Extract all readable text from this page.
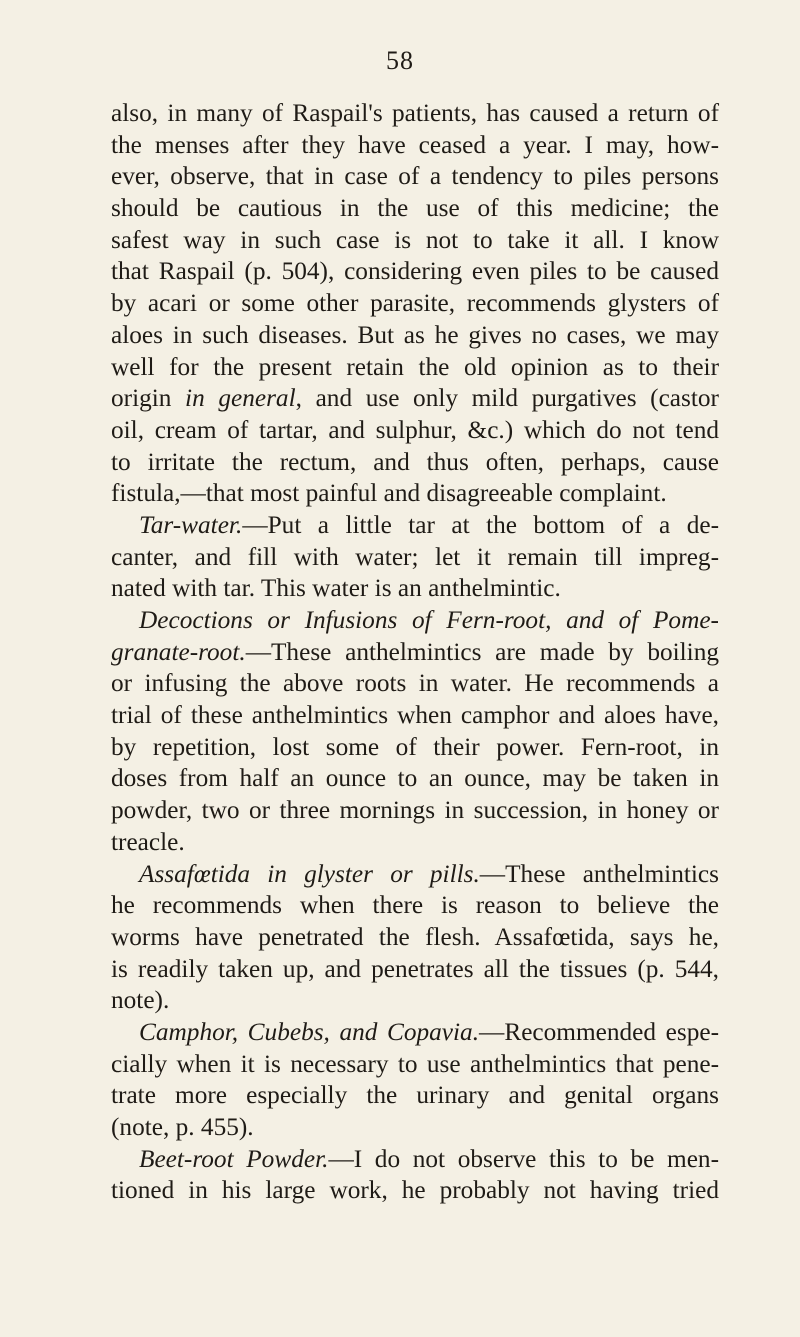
58
also, in many of Raspail's patients, has caused a return of
the menses after they have ceased a year. I may, how-
ever, observe, that in case of a tendency to piles persons
should be cautious in the use of this medicine; the
safest way in such case is not to take it all. I know
that Raspail (p. 504), considering even piles to be caused
by acari or some other parasite, recommends glysters of
aloes in such diseases. But as he gives no cases, we may
well for the present retain the old opinion as to their
origin in general, and use only mild purgatives (castor
oil, cream of tartar, and sulphur, &c.) which do not tend
to irritate the rectum, and thus often, perhaps, cause
fistula,—that most painful and disagreeable complaint.
Tar-water.—Put a little tar at the bottom of a de-
canter, and fill with water; let it remain till impreg-
nated with tar. This water is an anthelmintic.
Decoctions or Infusions of Fern-root, and of Pome-
granate-root.—These anthelmintics are made by boiling
or infusing the above roots in water. He recommends a
trial of these anthelmintics when camphor and aloes have,
by repetition, lost some of their power. Fern-root, in
doses from half an ounce to an ounce, may be taken in
powder, two or three mornings in succession, in honey or
treacle.
Assafœtida in glyster or pills.—These anthelmintics
he recommends when there is reason to believe the
worms have penetrated the flesh. Assafœtida, says he,
is readily taken up, and penetrates all the tissues (p. 544,
note).
Camphor, Cubebs, and Copavia.—Recommended espe-
cially when it is necessary to use anthelmintics that pene-
trate more especially the urinary and genital organs
(note, p. 455).
Beet-root Powder.—I do not observe this to be men-
tioned in his large work, he probably not having tried
